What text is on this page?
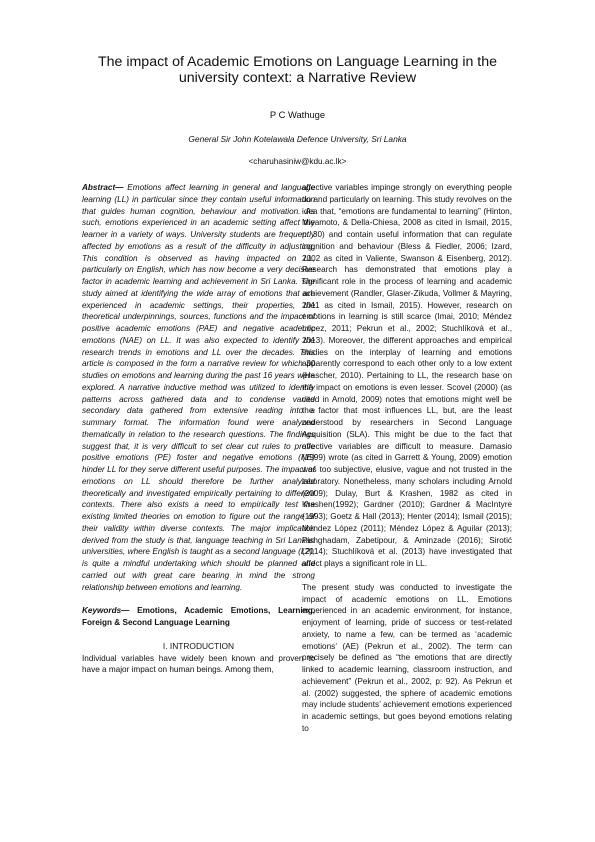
The impact of Academic Emotions on Language Learning in the university context: a Narrative Review
P C Wathuge
General Sir John Kotelawala Defence University, Sri Lanka
<charuhasiniw@kdu.ac.lk>

Abstract— Emotions affect learning in general and language learning (LL) in particular since they contain useful information that guides human cognition, behaviour and motivation. As such, emotions experienced in an academic setting affect the learner in a variety of ways. University students are frequently affected by emotions as a result of the difficulty in adjusting. This condition is observed as having impacted on LL, particularly on English, which has now become a very decisive factor in academic learning and achievement in Sri Lanka. The study aimed at identifying the wide array of emotions that are experienced in academic settings, their properties, the theoretical underpinnings, sources, functions and the impact of positive academic emotions (PAE) and negative academic emotions (NAE) on LL. It was also expected to identify the research trends in emotions and LL over the decades. This article is composed in the form a narrative review for which 30 studies on emotions and learning during the past 16 years were explored. A narrative inductive method was utilized to identify patterns across gathered data and to condense varied secondary data gathered from extensive reading into a summary format. The information found were analyzed thematically in relation to the research questions. The findings suggest that, it is very difficult to set clear cut rules to prove positive emotions (PE) foster and negative emotions (NE) hinder LL for they serve different useful purposes. The impact of emotions on LL should therefore be further analyzed theoretically and investigated empirically pertaining to different contexts. There also exists a need to empirically test the existing limited theories on emotion to figure out the range of their validity within diverse contexts. The major implication derived from the study is that, language teaching in Sri Lankan universities, where English is taught as a second language (L2), is quite a mindful undertaking which should be planned and carried out with great care bearing in mind the strong relationship between emotions and learning.

Keywords— Emotions, Academic Emotions, Learning, Foreign & Second Language Learning

I. INTRODUCTION

Individual variables have widely been known and proven to have a major impact on human beings. Among them,

affective variables impinge strongly on everything people do and particularly on learning. This study revolves on the idea that, “emotions are fundamental to learning” (Hinton, Miyamoto, & Della-Chiesa, 2008 as cited in Ismail, 2015, p: 30) and contain useful information that can regulate cognition and behaviour (Bless & Fiedler, 2006; Izard, 2002 as cited in Valiente, Swanson & Eisenberg, 2012). Research has demonstrated that emotions play a significant role in the process of learning and academic achievement (Randler, Glaser-Zikuda, Vollmer & Mayring, 2011 as cited in Ismail, 2015). However, research on emotions in learning is still scarce (Imai, 2010; Méndez López, 2011; Pekrun et al., 2002; Stuchlíková et al., 2013). Moreover, the different approaches and empirical studies on the interplay of learning and emotions apparently correspond to each other only to a low extent (Hascher, 2010). Pertaining to LL, the research base on the impact on emotions is even lesser. Scovel (2000) (as cited in Arnold, 2009) notes that emotions might well be the factor that most influences LL, but, are the least understood by researchers in Second Language Acquisition (SLA). This might be due to the fact that affective variables are difficult to measure. Damasio (1999) wrote (as cited in Garrett & Young, 2009) emotion was too subjective, elusive, vague and not trusted in the laboratory. Nonetheless, many scholars including Arnold (2009); Dulay, Burt & Krashen, 1982 as cited in Krashen(1992); Gardner (2010); Gardner & MacIntyre (1993); Goetz & Hall (2013); Henter (2014); Ismail (2015); Méndez López (2011); Méndez López & Aguilar (2013); Pishghadam, Zabetipour, & Aminzade (2016); Sirotić (2014); Stuchlíková et al. (2013) have investigated that affect plays a significant role in LL.

The present study was conducted to investigate the impact of academic emotions on LL. Emotions experienced in an academic environment, for instance, enjoyment of learning, pride of success or test-related anxiety, to name a few, can be termed as ‘academic emotions’ (AE) (Pekrun et al., 2002). The term can precisely be defined as “the emotions that are directly linked to academic learning, classroom instruction, and achievement” (Pekrun et al., 2002, p: 92). As Pekrun et al. (2002) suggested, the sphere of academic emotions may include students’ achievement emotions experienced in academic settings, but goes beyond emotions relating to
